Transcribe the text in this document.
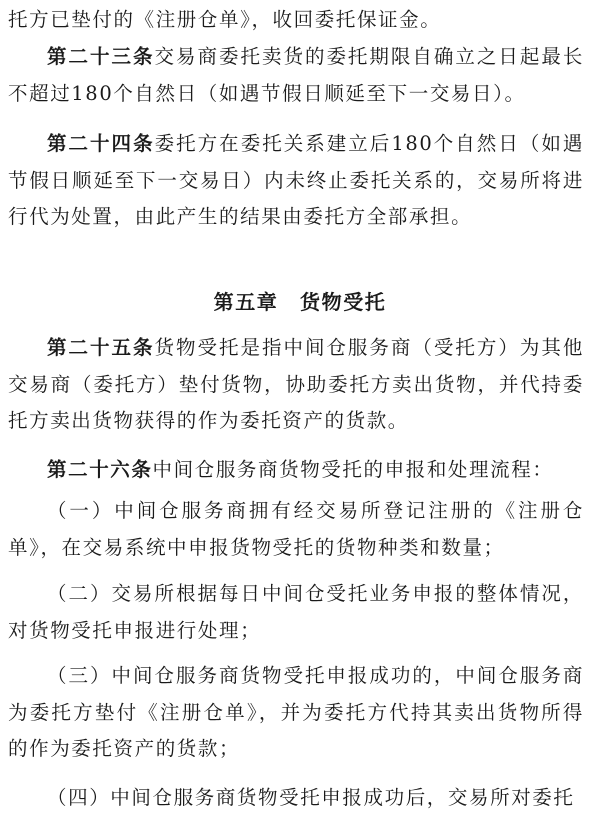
托方已垫付的《注册仓单》，收回委托保证金。

第二十三条交易商委托卖货的委托期限自确立之日起最长不超过180个自然日（如遇节假日顺延至下一交易日）。

第二十四条委托方在委托关系建立后180个自然日（如遇节假日顺延至下一交易日）内未终止委托关系的，交易所将进行代为处置，由此产生的结果由委托方全部承担。

第五章　货物受托

第二十五条货物受托是指中间仓服务商（受托方）为其他交易商（委托方）垫付货物，协助委托方卖出货物，并代持委托方卖出货物获得的作为委托资产的货款。

第二十六条中间仓服务商货物受托的申报和处理流程：

（一）中间仓服务商拥有经交易所登记注册的《注册仓单》，在交易系统中申报货物受托的货物种类和数量；

（二）交易所根据每日中间仓受托业务申报的整体情况，对货物受托申报进行处理；

（三）中间仓服务商货物受托申报成功的，中间仓服务商为委托方垫付《注册仓单》，并为委托方代持其卖出货物所得的作为委托资产的货款；

（四）中间仓服务商货物受托申报成功后，交易所对委托
